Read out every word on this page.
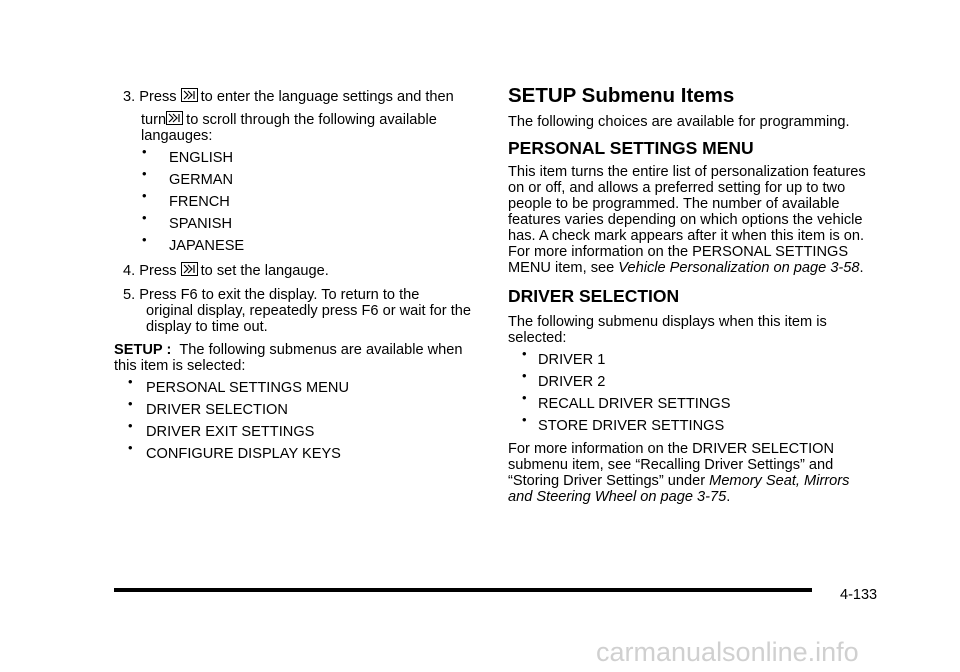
3. Press to enter the language settings and then
turn to scroll through the following available
langauges:
• ENGLISH
• GERMAN
• FRENCH
• SPANISH
• JAPANESE
4. Press to set the langauge.
5. Press F6 to exit the display. To return to the
original display, repeatedly press F6 or wait for the
display to time out.
SETUP : The following submenus are available when
this item is selected:
• PERSONAL SETTINGS MENU
• DRIVER SELECTION
• DRIVER EXIT SETTINGS
• CONFIGURE DISPLAY KEYS
SETUP Submenu Items
The following choices are available for programming.
PERSONAL SETTINGS MENU
This item turns the entire list of personalization features
on or off, and allows a preferred setting for up to two
people to be programmed. The number of available
features varies depending on which options the vehicle
has. A check mark appears after it when this item is on.
For more information on the PERSONAL SETTINGS
MENU item, see Vehicle Personalization on page 3-58.
DRIVER SELECTION
The following submenu displays when this item is
selected:
• DRIVER 1
• DRIVER 2
• RECALL DRIVER SETTINGS
• STORE DRIVER SETTINGS
For more information on the DRIVER SELECTION
submenu item, see “Recalling Driver Settings” and
“Storing Driver Settings” under Memory Seat, Mirrors
and Steering Wheel on page 3-75.
4-133
carmanualsonline.info
